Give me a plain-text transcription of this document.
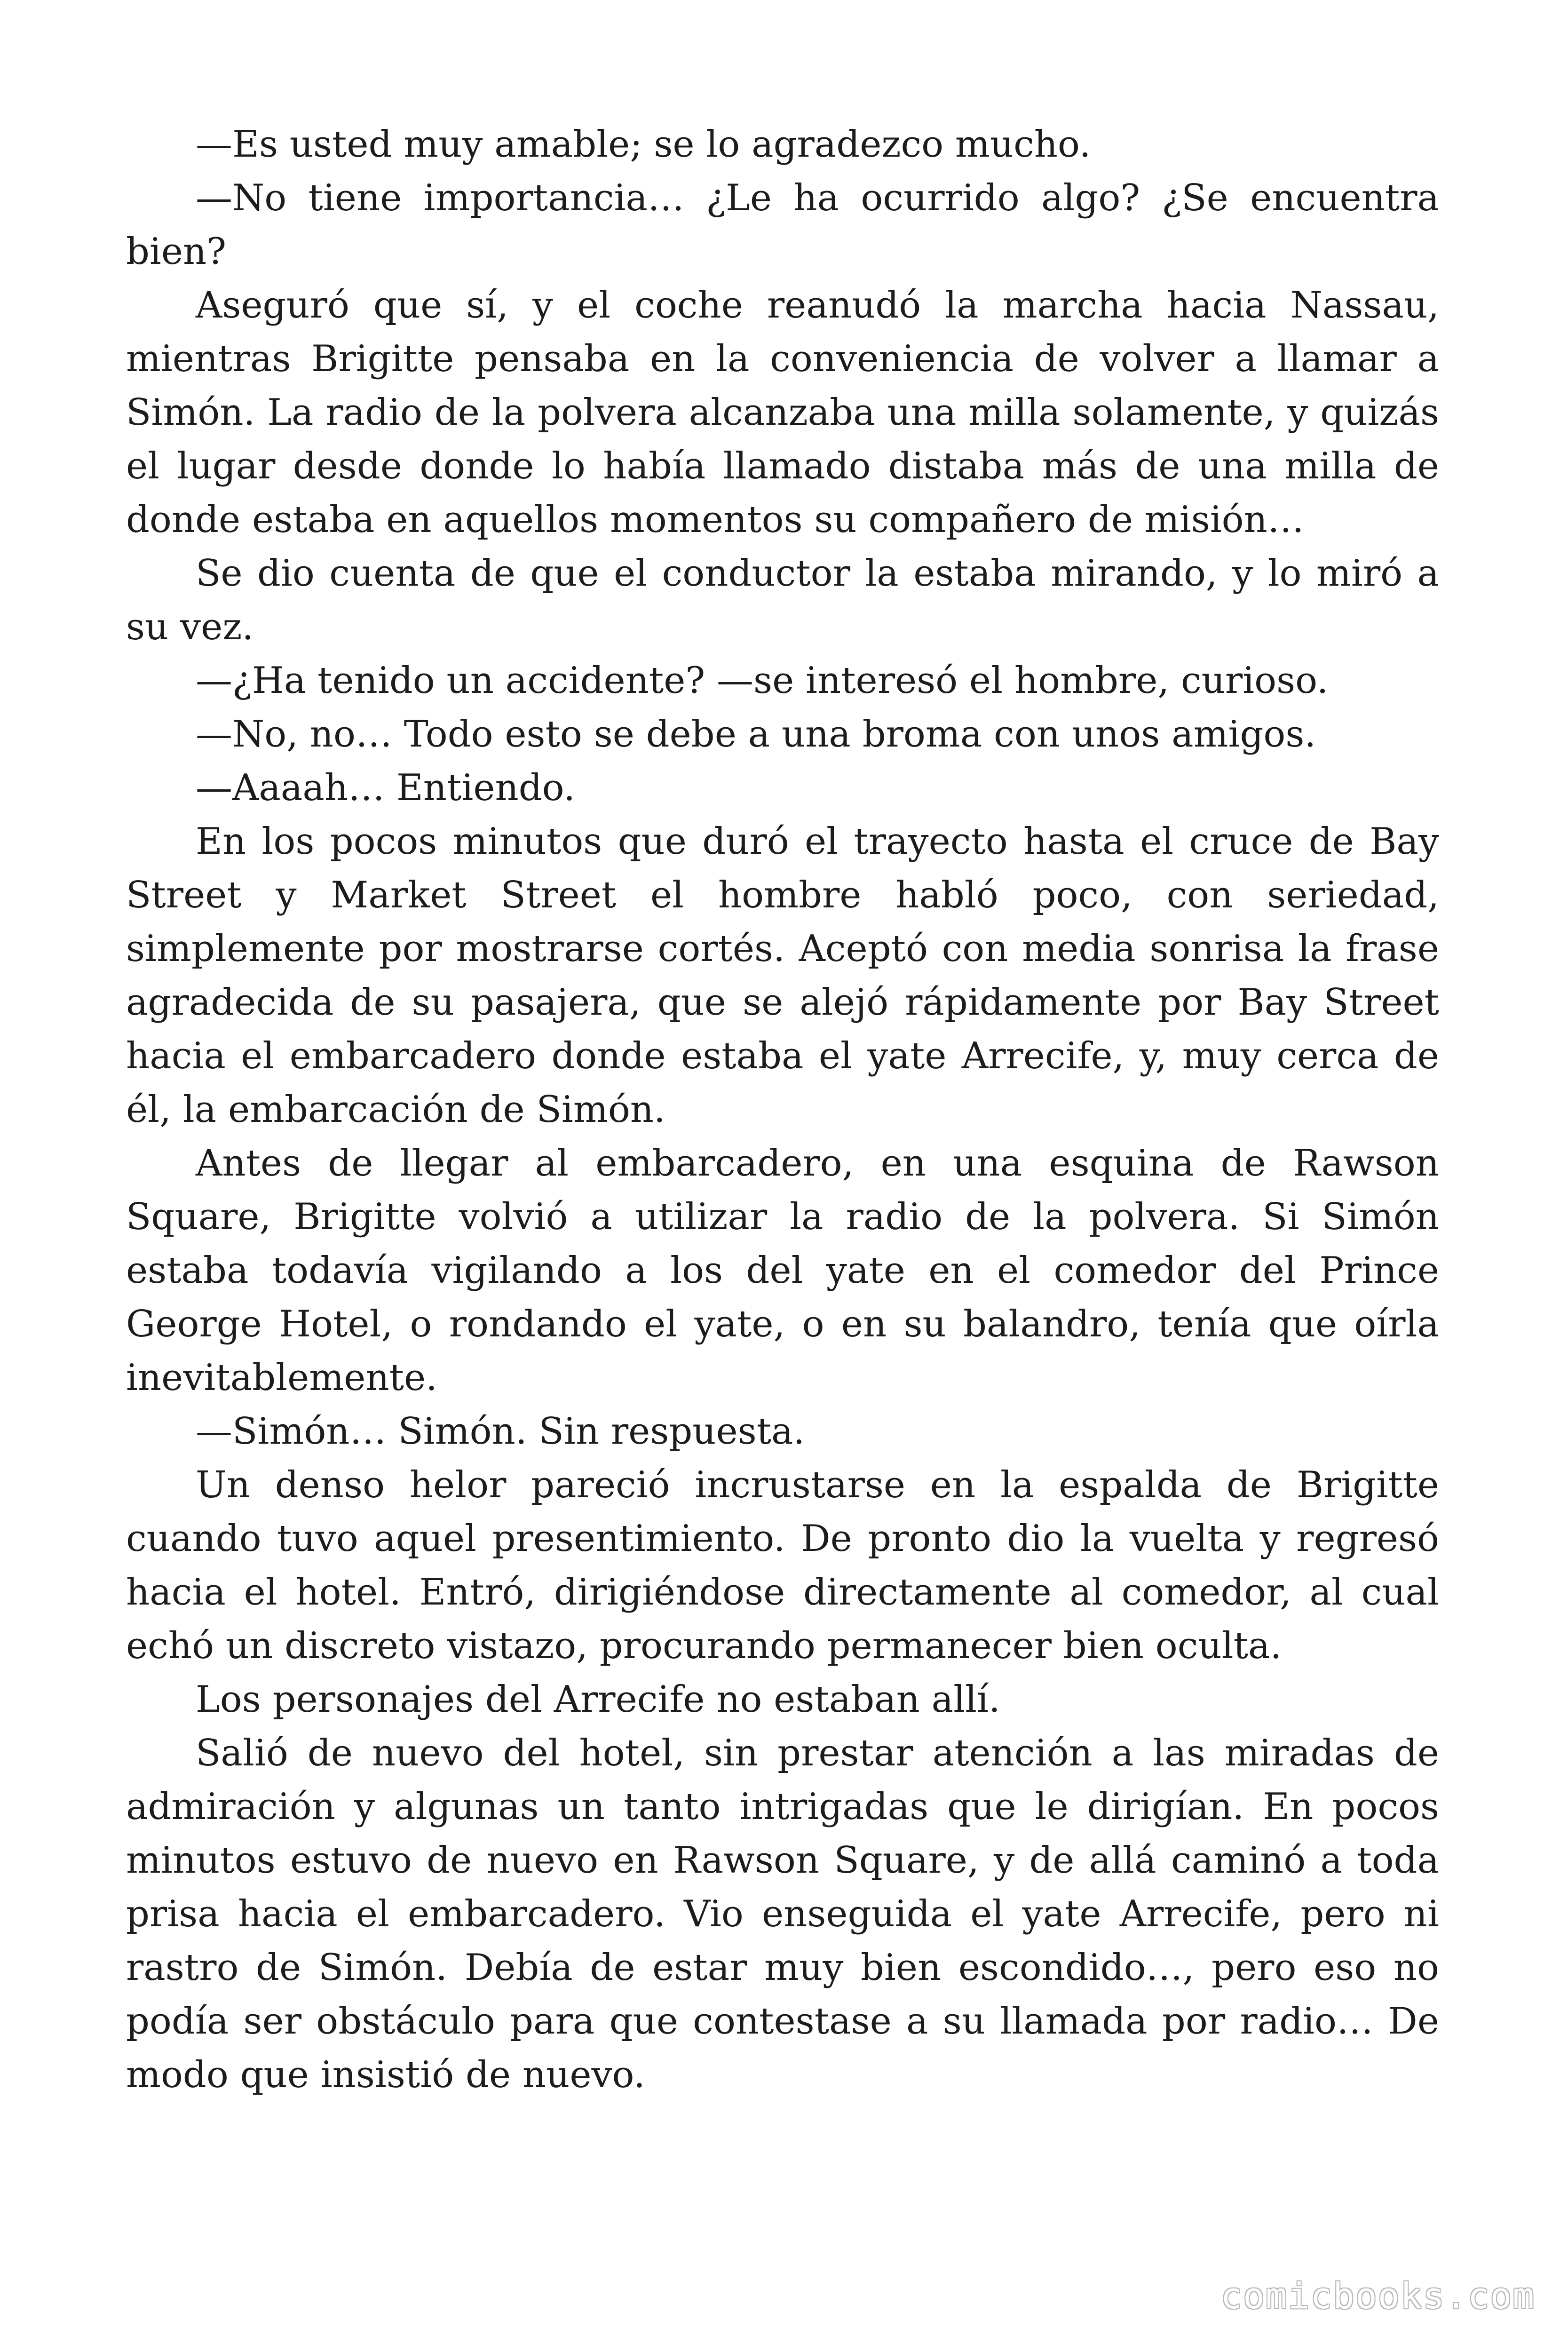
—Es usted muy amable; se lo agradezco mucho.

—No tiene importancia… ¿Le ha ocurrido algo? ¿Se encuentra bien?

Aseguró que sí, y el coche reanudó la marcha hacia Nassau, mientras Brigitte pensaba en la conveniencia de volver a llamar a Simón. La radio de la polvera alcanzaba una milla solamente, y quizás el lugar desde donde lo había llamado distaba más de una milla de donde estaba en aquellos momentos su compañero de misión…

Se dio cuenta de que el conductor la estaba mirando, y lo miró a su vez.

—¿Ha tenido un accidente? —se interesó el hombre, curioso.

—No, no… Todo esto se debe a una broma con unos amigos.

—Aaaah… Entiendo.

En los pocos minutos que duró el trayecto hasta el cruce de Bay Street y Market Street el hombre habló poco, con seriedad, simplemente por mostrarse cortés. Aceptó con media sonrisa la frase agradecida de su pasajera, que se alejó rápidamente por Bay Street hacia el embarcadero donde estaba el yate Arrecife, y, muy cerca de él, la embarcación de Simón.

Antes de llegar al embarcadero, en una esquina de Rawson Square, Brigitte volvió a utilizar la radio de la polvera. Si Simón estaba todavía vigilando a los del yate en el comedor del Prince George Hotel, o rondando el yate, o en su balandro, tenía que oírla inevitablemente.

—Simón… Simón. Sin respuesta.

Un denso helor pareció incrustarse en la espalda de Brigitte cuando tuvo aquel presentimiento. De pronto dio la vuelta y regresó hacia el hotel. Entró, dirigiéndose directamente al comedor, al cual echó un discreto vistazo, procurando permanecer bien oculta.

Los personajes del Arrecife no estaban allí.

Salió de nuevo del hotel, sin prestar atención a las miradas de admiración y algunas un tanto intrigadas que le dirigían. En pocos minutos estuvo de nuevo en Rawson Square, y de allá caminó a toda prisa hacia el embarcadero. Vio enseguida el yate Arrecife, pero ni rastro de Simón. Debía de estar muy bien escondido…, pero eso no podía ser obstáculo para que contestase a su llamada por radio… De modo que insistió de nuevo.

comicbooks.com
